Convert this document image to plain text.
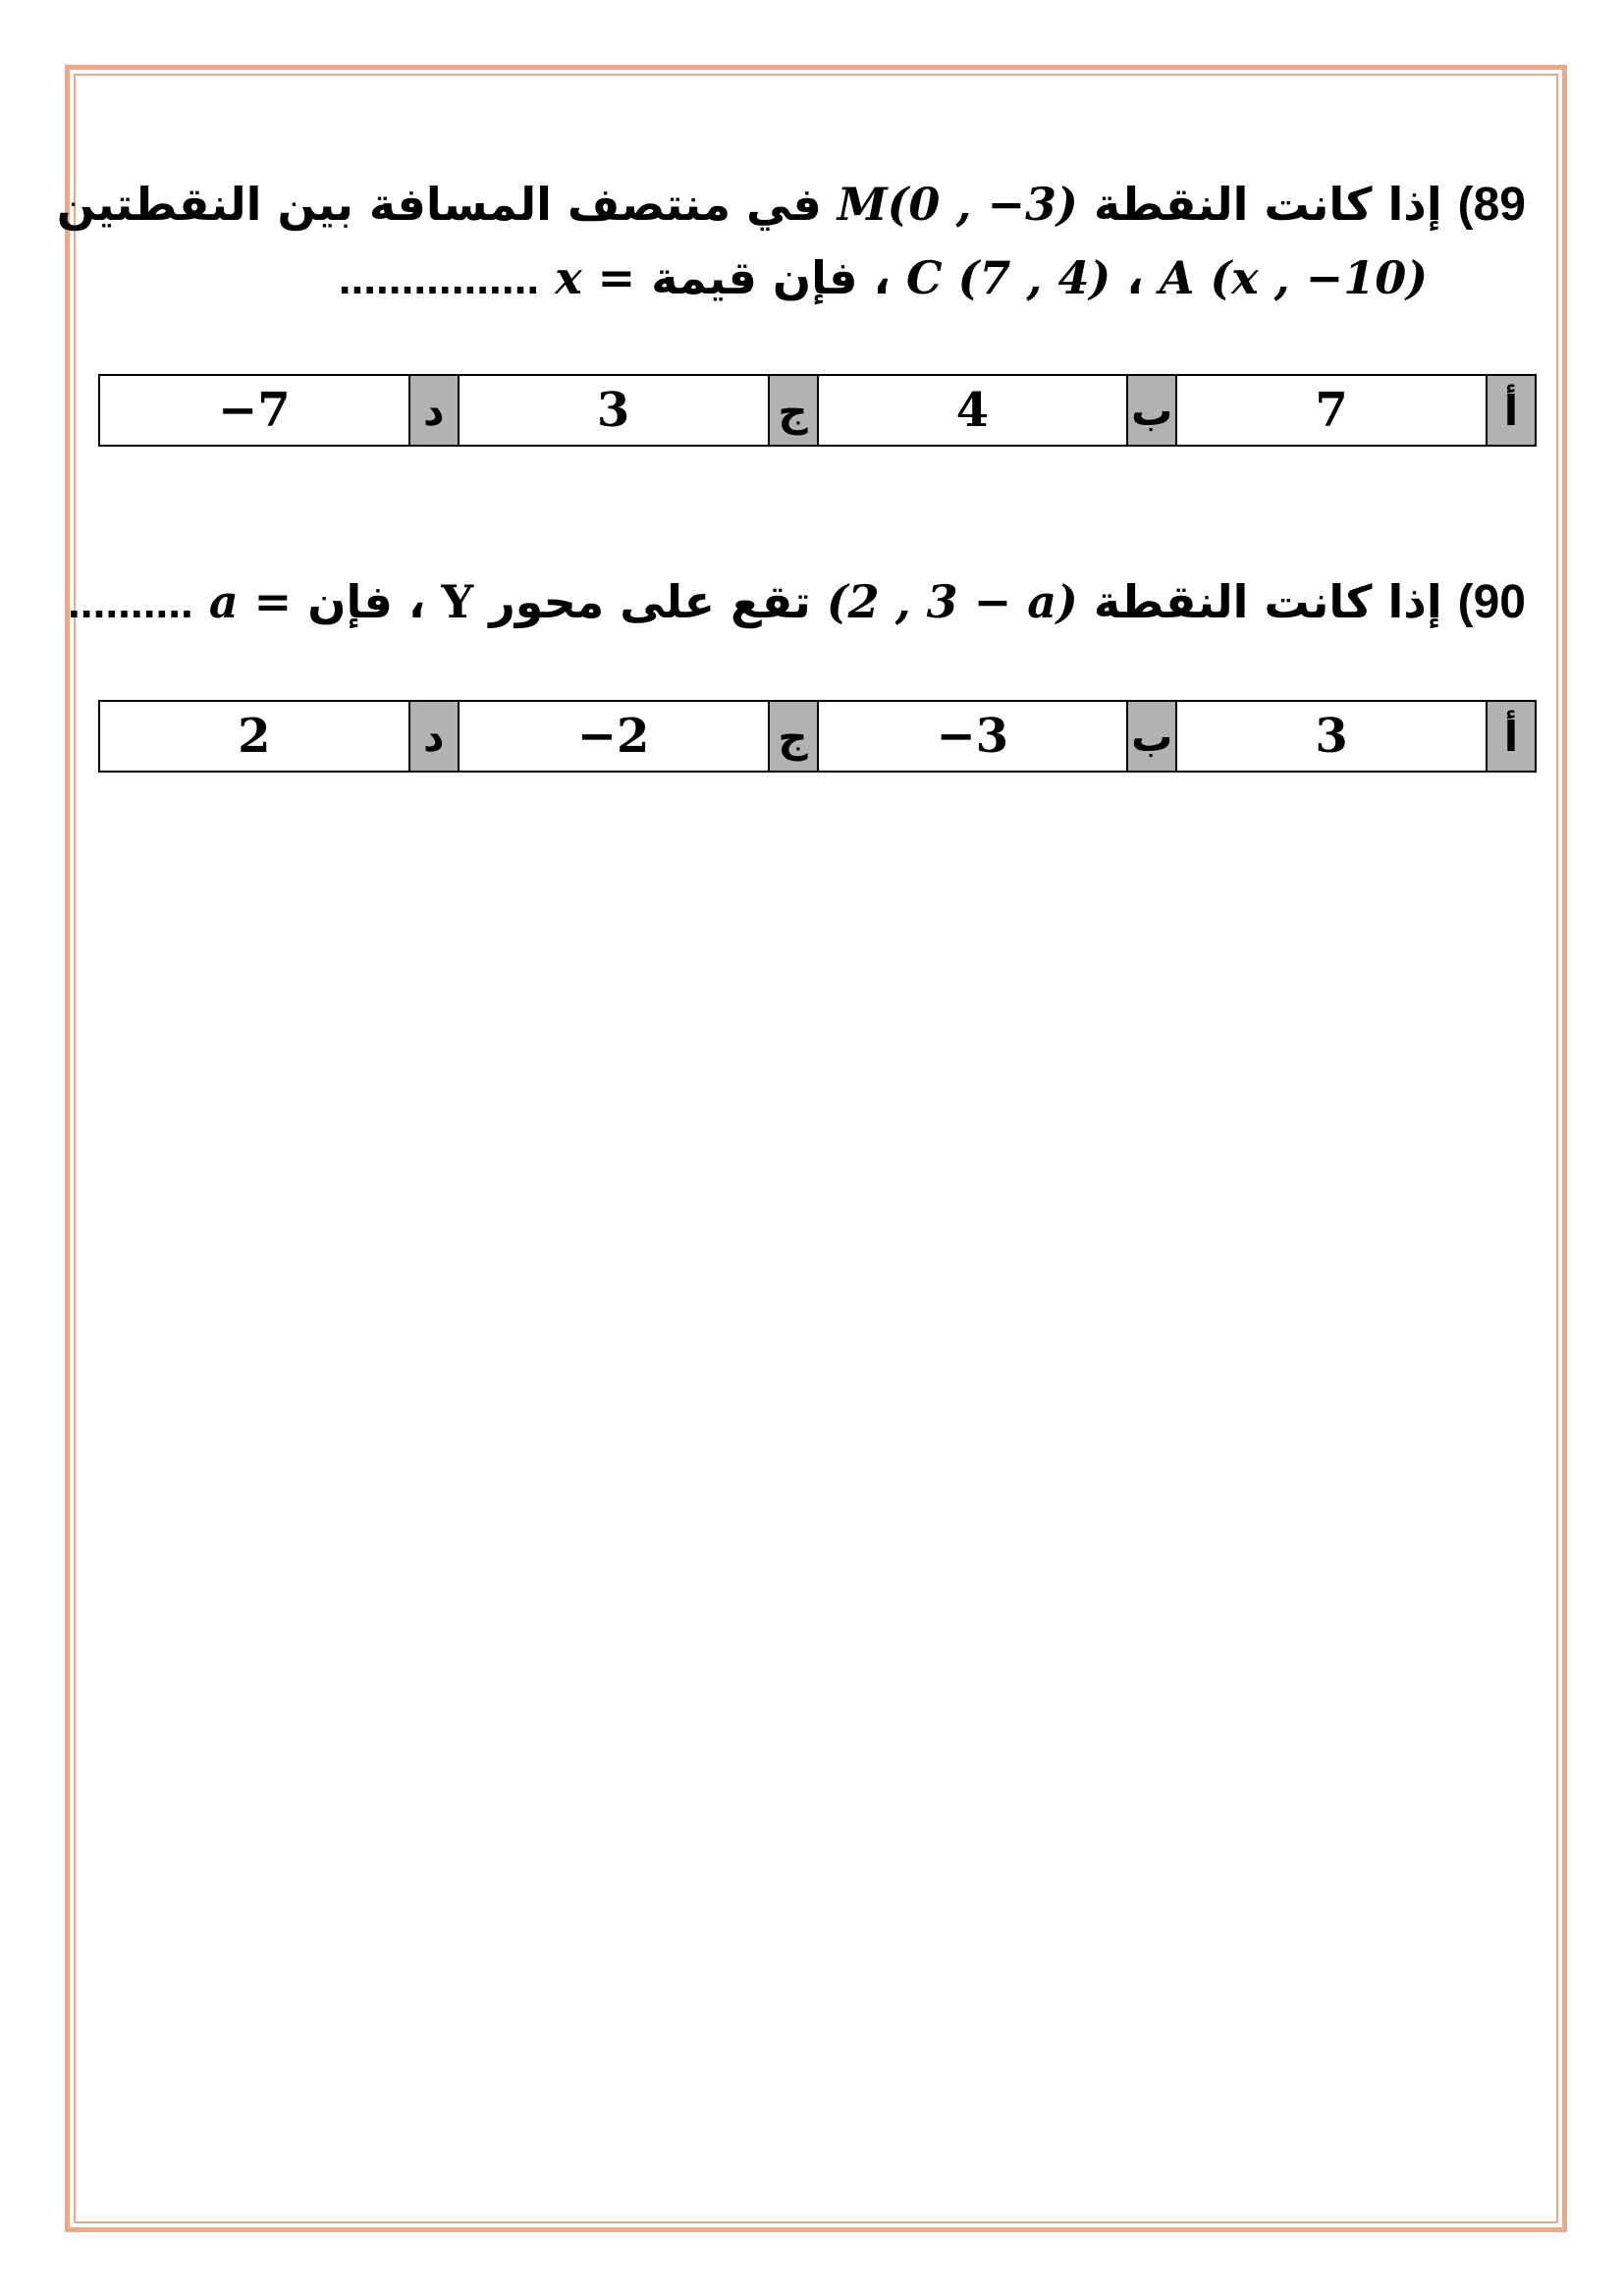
89) إذا كانت النقطة M(0 , −3) في منتصف المسافة بين النقطتين
A (x , −10) ، C (7 , 4) ، فإن قيمة x = ................
أ	7	ب	4	ج	3	د	−7
90) إذا كانت النقطة (2 , 3 − a) تقع على محور Y ، فإن a = ..........
أ	3	ب	−3	ج	−2	د	2
